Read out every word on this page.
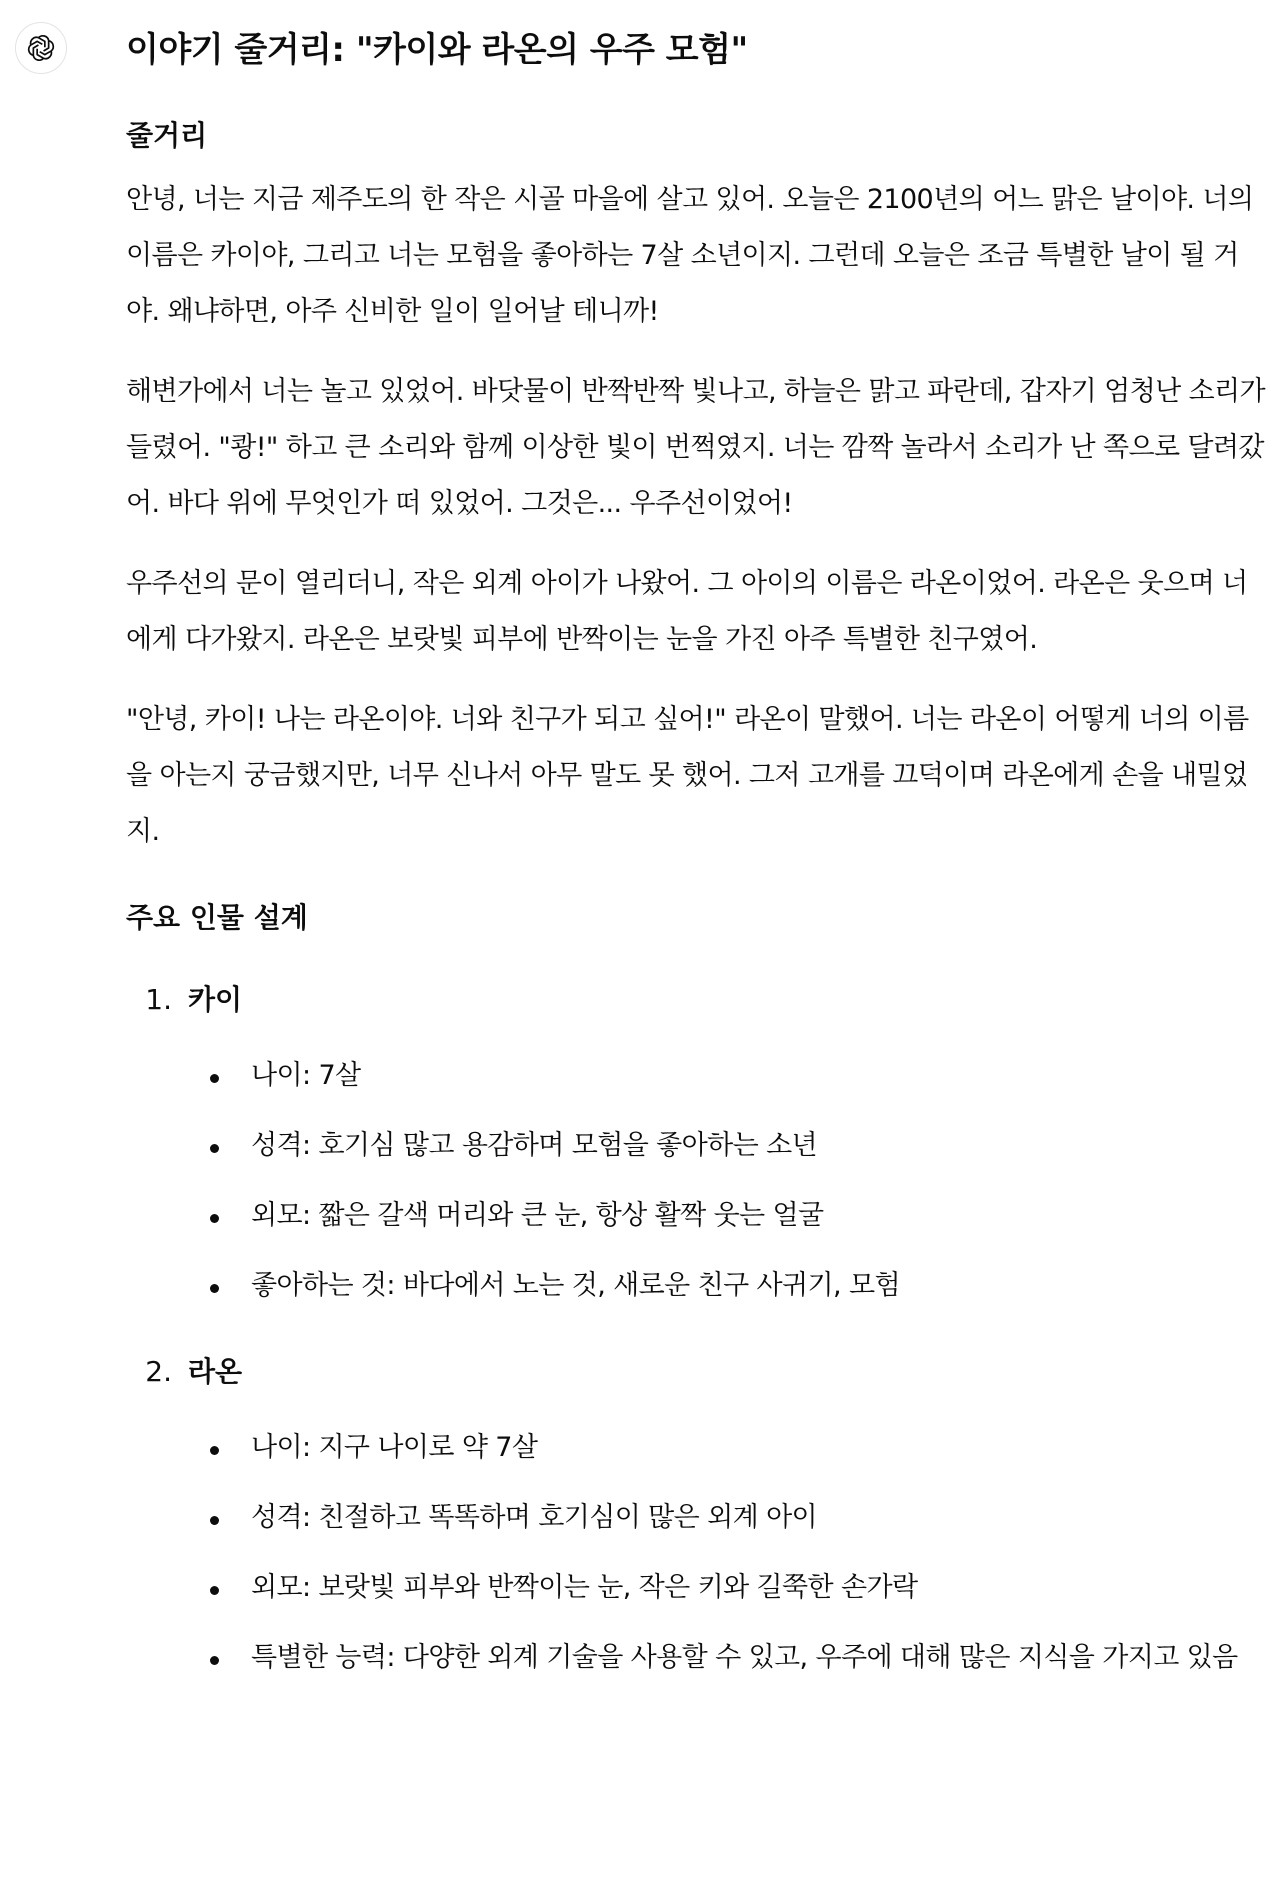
이야기 줄거리: "카이와 라온의 우주 모험"
줄거리

안녕, 너는 지금 제주도의 한 작은 시골 마을에 살고 있어. 오늘은 2100년의 어느 맑은 날이야. 너의 이름은 카이야, 그리고 너는 모험을 좋아하는 7살 소년이지. 그런데 오늘은 조금 특별한 날이 될 거야. 왜냐하면, 아주 신비한 일이 일어날 테니까!

해변가에서 너는 놀고 있었어. 바닷물이 반짝반짝 빛나고, 하늘은 맑고 파란데, 갑자기 엄청난 소리가 들렸어. "쾅!" 하고 큰 소리와 함께 이상한 빛이 번쩍였지. 너는 깜짝 놀라서 소리가 난 쪽으로 달려갔어. 바다 위에 무엇인가 떠 있었어. 그것은... 우주선이었어!

우주선의 문이 열리더니, 작은 외계 아이가 나왔어. 그 아이의 이름은 라온이었어. 라온은 웃으며 너에게 다가왔지. 라온은 보랏빛 피부에 반짝이는 눈을 가진 아주 특별한 친구였어.

"안녕, 카이! 나는 라온이야. 너와 친구가 되고 싶어!" 라온이 말했어. 너는 라온이 어떻게 너의 이름을 아는지 궁금했지만, 너무 신나서 아무 말도 못 했어. 그저 고개를 끄덕이며 라온에게 손을 내밀었지.

주요 인물 설계
1. 카이
나이: 7살
성격: 호기심 많고 용감하며 모험을 좋아하는 소년
외모: 짧은 갈색 머리와 큰 눈, 항상 활짝 웃는 얼굴
좋아하는 것: 바다에서 노는 것, 새로운 친구 사귀기, 모험
2. 라온
나이: 지구 나이로 약 7살
성격: 친절하고 똑똑하며 호기심이 많은 외계 아이
외모: 보랏빛 피부와 반짝이는 눈, 작은 키와 길쭉한 손가락
특별한 능력: 다양한 외계 기술을 사용할 수 있고, 우주에 대해 많은 지식을 가지고 있음
